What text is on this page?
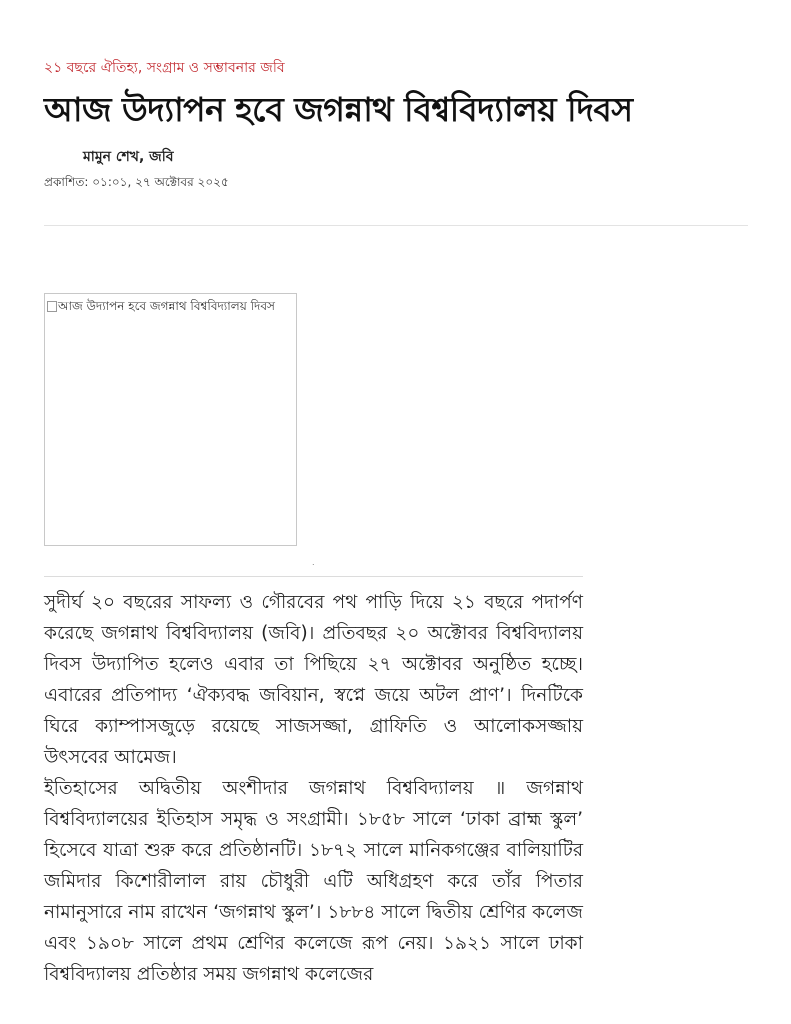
২১ বছরে ঐতিহ্য, সংগ্রাম ও সম্ভাবনার জবি
আজ উদ্যাপন হবে জগন্নাথ বিশ্ববিদ্যালয় দিবস
মামুন শেখ, জবি
প্রকাশিত: ০১:০১, ২৭ অক্টোবর ২০২৫
আজ উদ্যাপন হবে জগন্নাথ বিশ্ববিদ্যালয় দিবস
.

সুদীর্ঘ ২০ বছরের সাফল্য ও গৌরবের পথ পাড়ি দিয়ে ২১ বছরে পদার্পণ করেছে জগন্নাথ বিশ্ববিদ্যালয় (জবি)। প্রতিবছর ২০ অক্টোবর বিশ্ববিদ্যালয় দিবস উদ্যাপিত হলেও এবার তা পিছিয়ে ২৭ অক্টোবর অনুষ্ঠিত হচ্ছে। এবারের প্রতিপাদ্য ‘ঐক্যবদ্ধ জবিয়ান, স্বপ্নে জয়ে অটল প্রাণ’। দিনটিকে ঘিরে ক্যাম্পাসজুড়ে রয়েছে সাজসজ্জা, গ্রাফিতি ও আলোকসজ্জায় উৎসবের আমেজ।

ইতিহাসের অদ্বিতীয় অংশীদার জগন্নাথ বিশ্ববিদ্যালয় ॥ জগন্নাথ বিশ্ববিদ্যালয়ের ইতিহাস সমৃদ্ধ ও সংগ্রামী। ১৮৫৮ সালে ‘ঢাকা ব্রাহ্ম স্কুল’ হিসেবে যাত্রা শুরু করে প্রতিষ্ঠানটি। ১৮৭২ সালে মানিকগঞ্জের বালিয়াটির জমিদার কিশোরীলাল রায় চৌধুরী এটি অধিগ্রহণ করে তাঁর পিতার নামানুসারে নাম রাখেন ‘জগন্নাথ স্কুল’। ১৮৮৪ সালে দ্বিতীয় শ্রেণির কলেজ এবং ১৯০৮ সালে প্রথম শ্রেণির কলেজে রূপ নেয়। ১৯২১ সালে ঢাকা বিশ্ববিদ্যালয় প্রতিষ্ঠার সময় জগন্নাথ কলেজের
